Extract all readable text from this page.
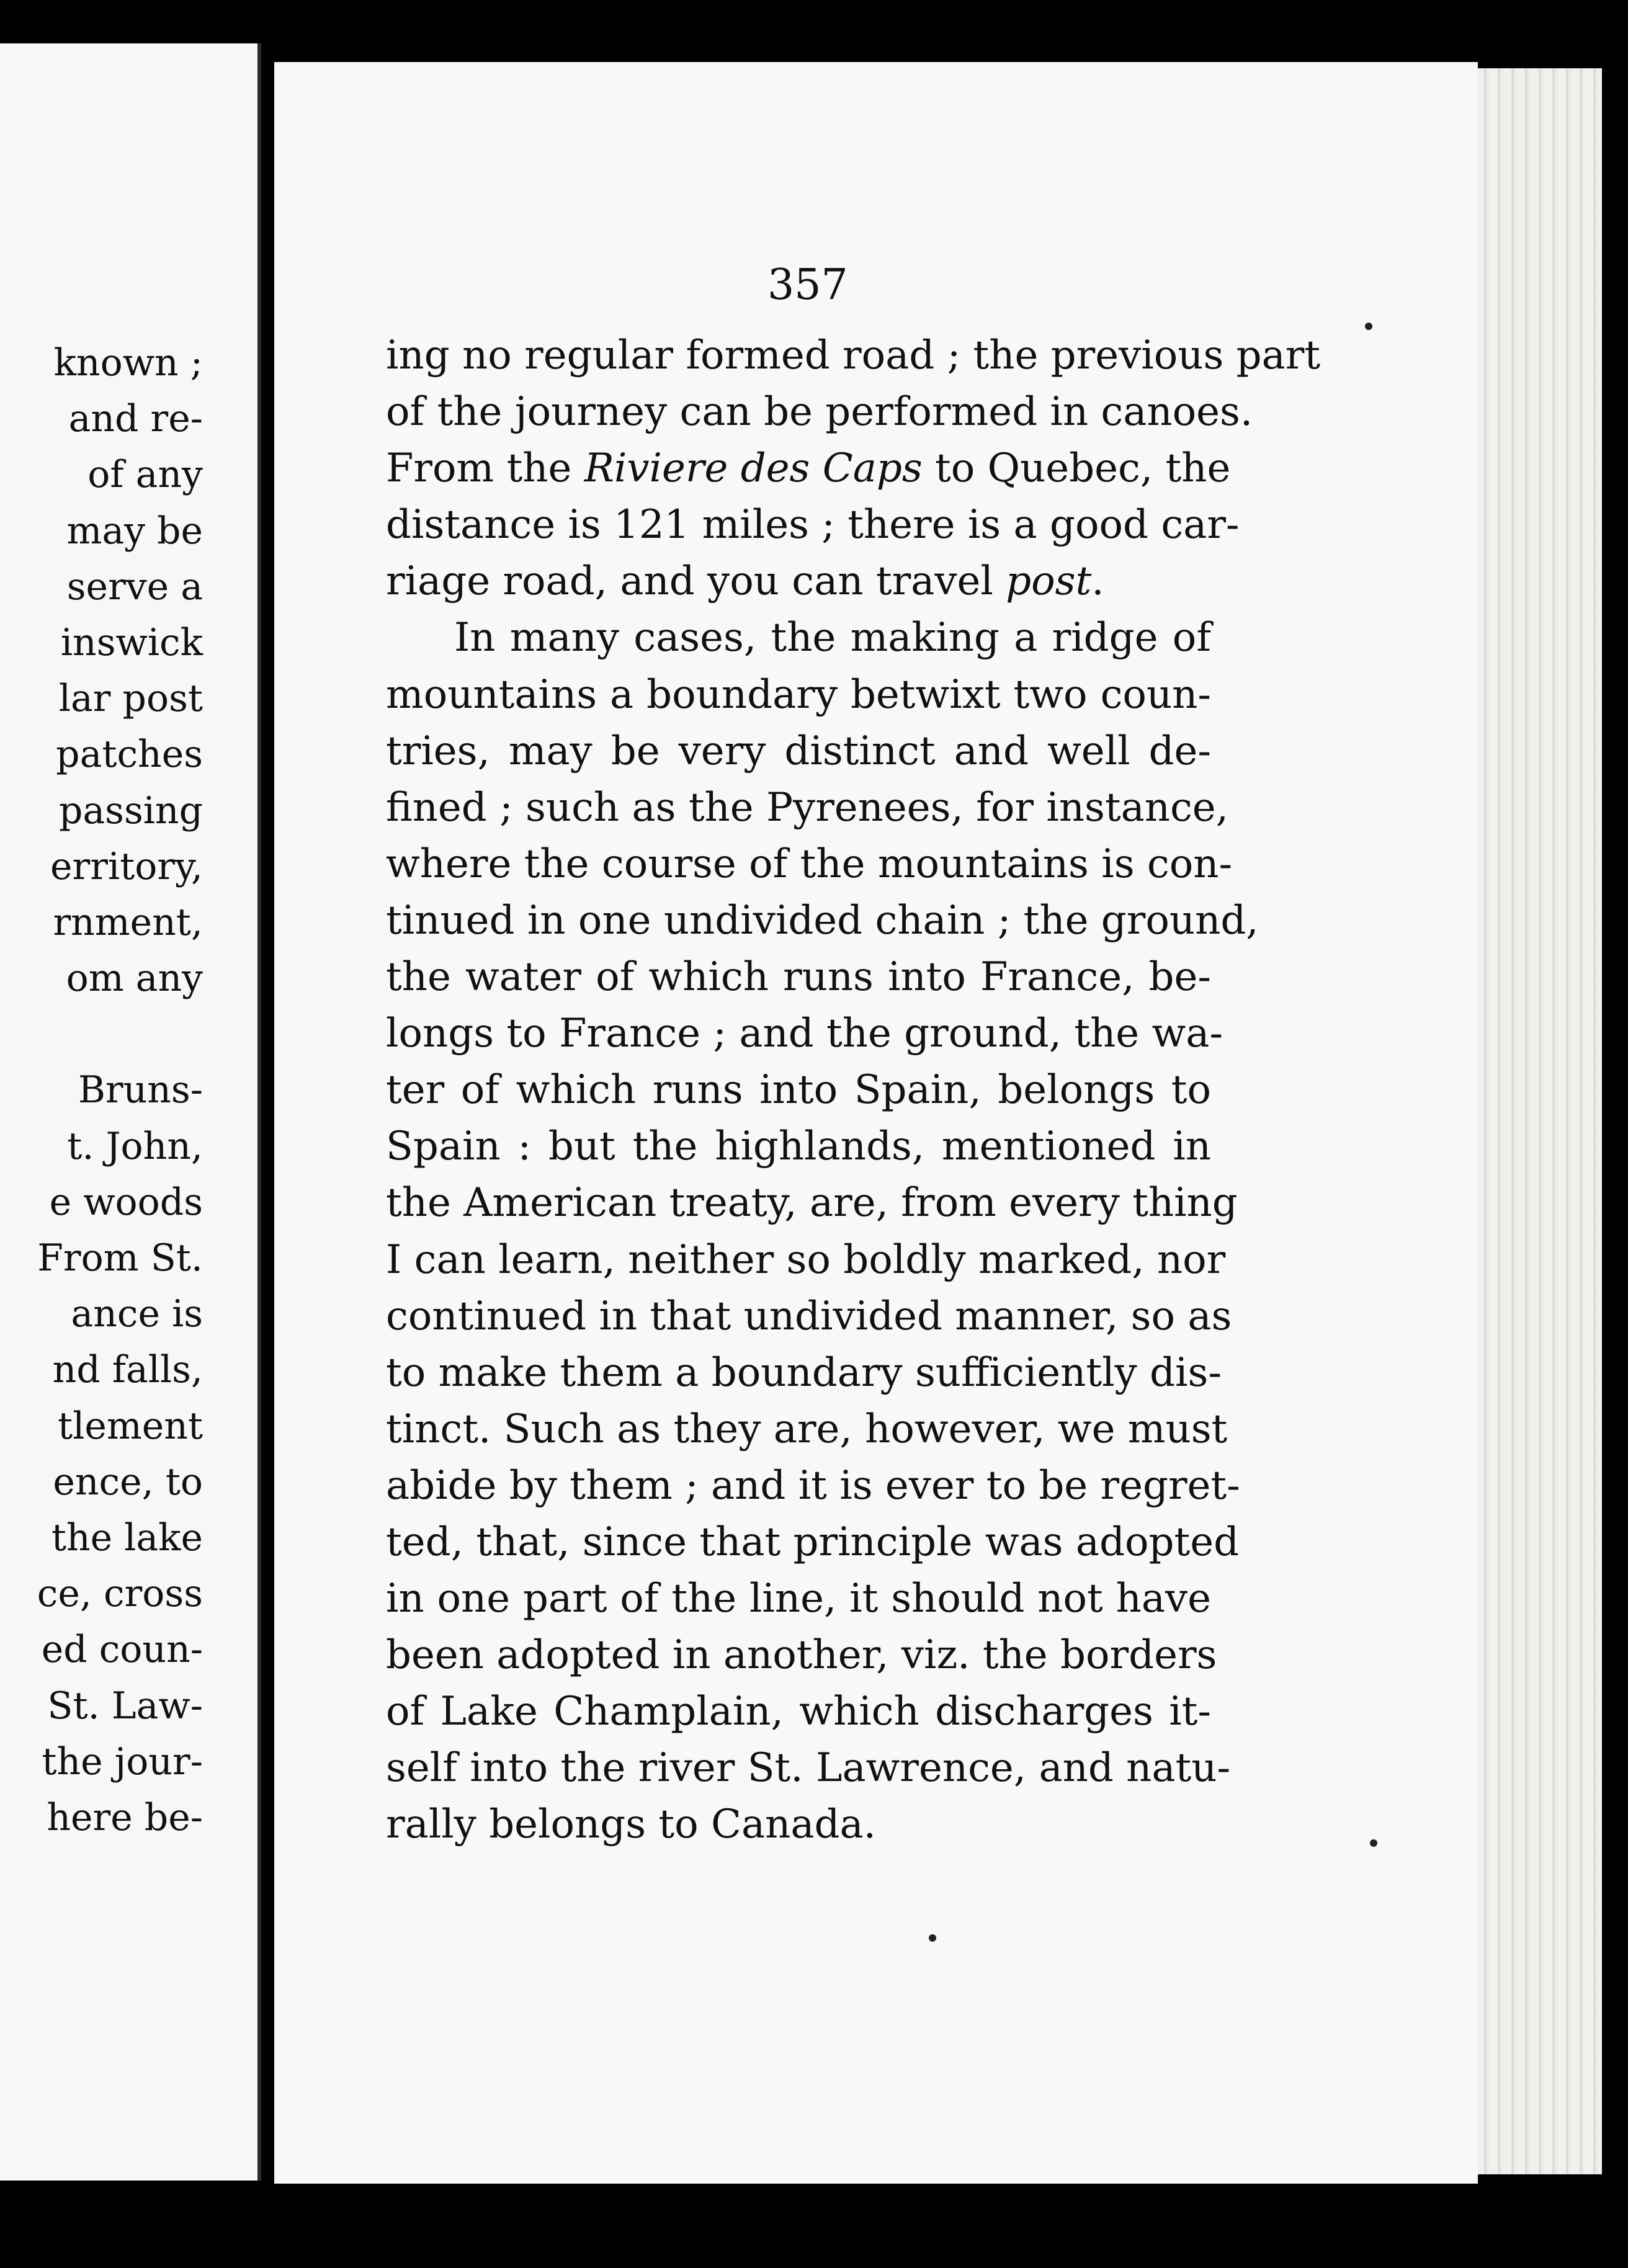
known ;
and re-
of any
may be
serve a
inswick
lar post
patches
passing
erritory,
rnment,
om any
Bruns-
t. John,
e woods
From St.
ance is
nd falls,
tlement
ence, to
the lake
ce, cross
ed coun-
St. Law-
the jour-
here be-
357
ing no regular formed road ; the previous part
of the journey can be performed in canoes.
From the Riviere des Caps to Quebec, the
distance is 121 miles ; there is a good car-
riage road, and you can travel post.
In many cases, the making a ridge of
mountains a boundary betwixt two coun-
tries, may be very distinct and well de-
fined ; such as the Pyrenees, for instance,
where the course of the mountains is con-
tinued in one undivided chain ; the ground,
the water of which runs into France, be-
longs to France ; and the ground, the wa-
ter of which runs into Spain, belongs to
Spain : but the highlands, mentioned in
the American treaty, are, from every thing
I can learn, neither so boldly marked, nor
continued in that undivided manner, so as
to make them a boundary sufficiently dis-
tinct. Such as they are, however, we must
abide by them ; and it is ever to be regret-
ted, that, since that principle was adopted
in one part of the line, it should not have
been adopted in another, viz. the borders
of Lake Champlain, which discharges it-
self into the river St. Lawrence, and natu-
rally belongs to Canada.
